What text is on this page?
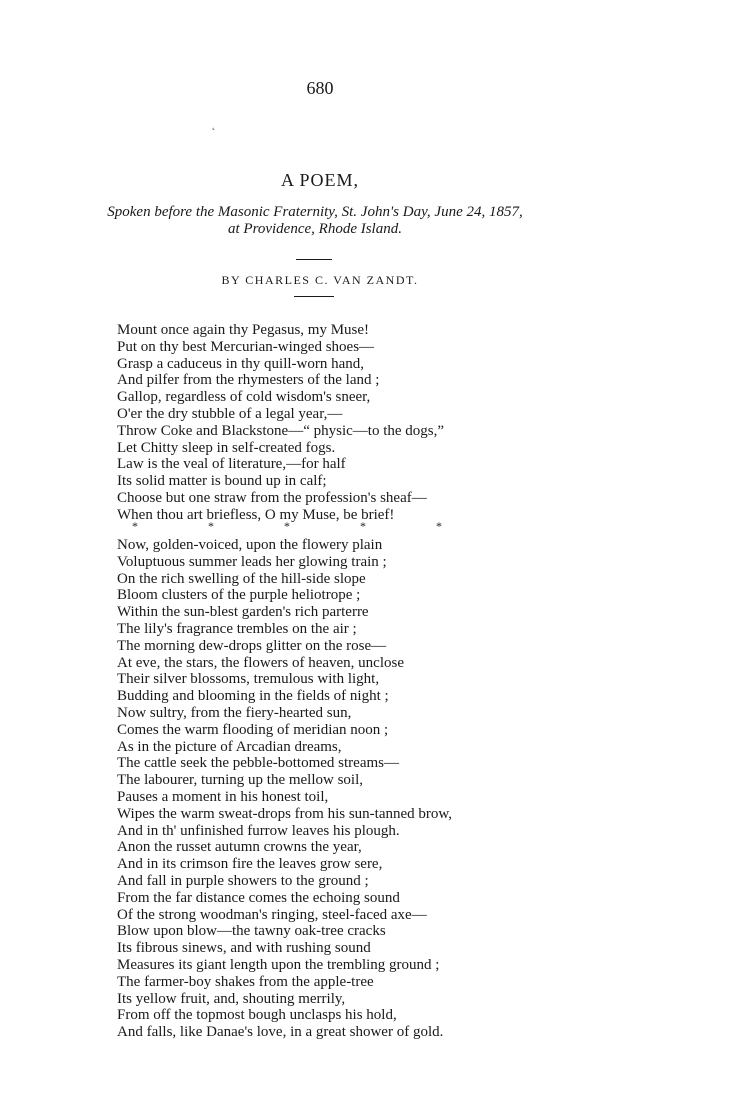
680
˛
A POEM,
Spoken before the Masonic Fraternity, St. John's Day, June 24, 1857,
at Providence, Rhode Island.
BY CHARLES C. VAN ZANDT.
Mount once again thy Pegasus, my Muse!
Put on thy best Mercurian-winged shoes—
Grasp a caduceus in thy quill-worn hand,
And pilfer from the rhymesters of the land ;
Gallop, regardless of cold wisdom's sneer,
O'er the dry stubble of a legal year,—
Throw Coke and Blackstone—“ physic—to the dogs,”
Let Chitty sleep in self-created fogs.
Law is the veal of literature,—for half
Its solid matter is bound up in calf;
Choose but one straw from the profession's sheaf—
When thou art briefless, O my Muse, be brief!
*	*	*	*	*
Now, golden-voiced, upon the flowery plain
Voluptuous summer leads her glowing train ;
On the rich swelling of the hill-side slope
Bloom clusters of the purple heliotrope ;
Within the sun-blest garden's rich parterre
The lily's fragrance trembles on the air ;
The morning dew-drops glitter on the rose—
At eve, the stars, the flowers of heaven, unclose
Their silver blossoms, tremulous with light,
Budding and blooming in the fields of night ;
Now sultry, from the fiery-hearted sun,
Comes the warm flooding of meridian noon ;
As in the picture of Arcadian dreams,
The cattle seek the pebble-bottomed streams—
The labourer, turning up the mellow soil,
Pauses a moment in his honest toil,
Wipes the warm sweat-drops from his sun-tanned brow,
And in th' unfinished furrow leaves his plough.
Anon the russet autumn crowns the year,
And in its crimson fire the leaves grow sere,
And fall in purple showers to the ground ;
From the far distance comes the echoing sound
Of the strong woodman's ringing, steel-faced axe—
Blow upon blow—the tawny oak-tree cracks
Its fibrous sinews, and with rushing sound
Measures its giant length upon the trembling ground ;
The farmer-boy shakes from the apple-tree
Its yellow fruit, and, shouting merrily,
From off the topmost bough unclasps his hold,
And falls, like Danae's love, in a great shower of gold.
